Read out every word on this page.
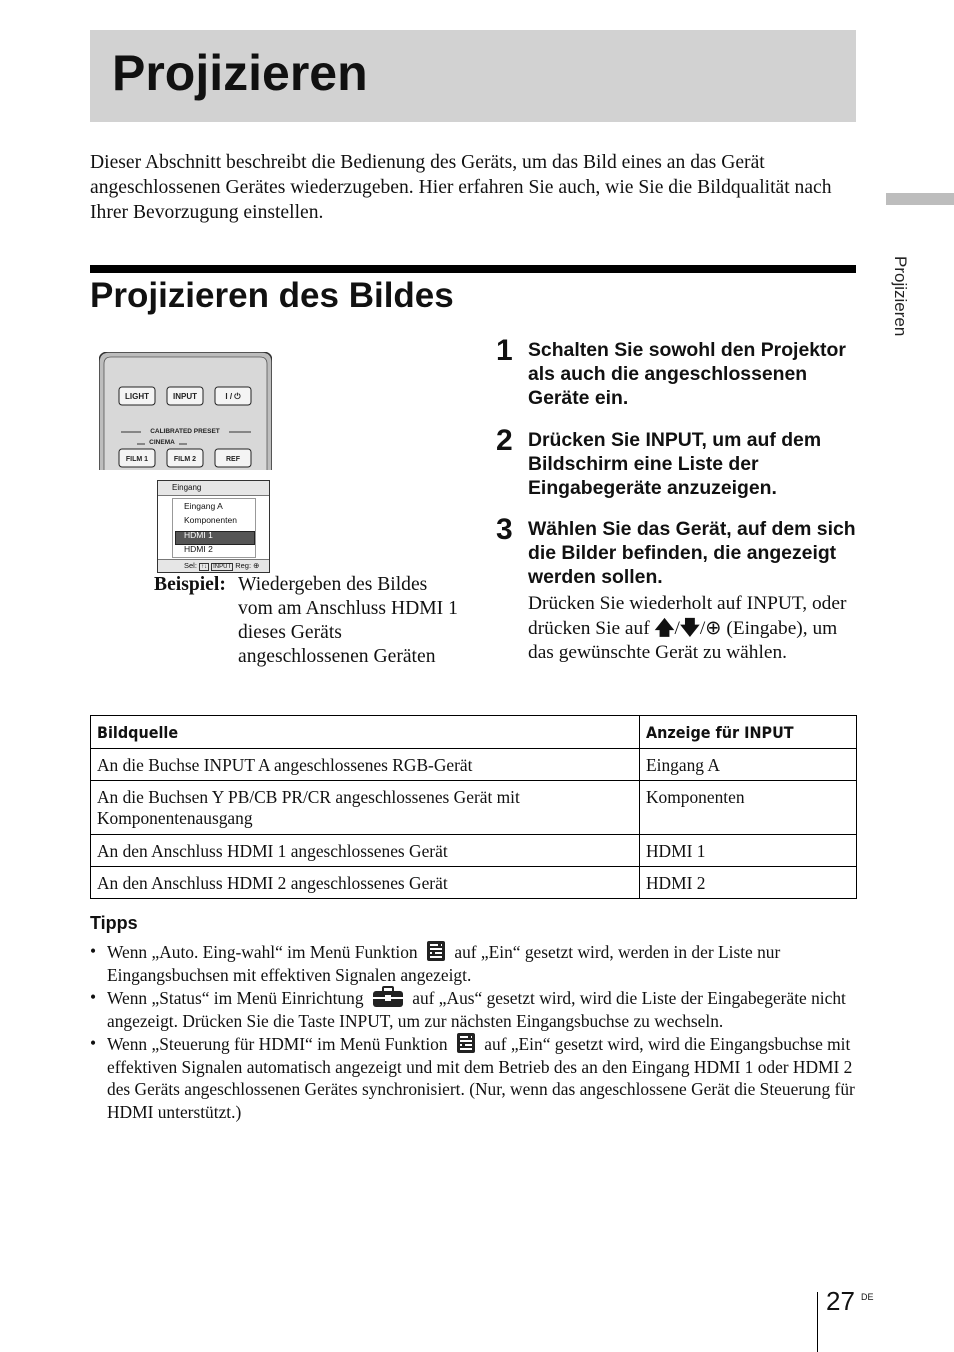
Projizieren

Dieser Abschnitt beschreibt die Bedienung des Geräts, um das Bild eines an das Gerät angeschlossenen Gerätes wiederzugeben. Hier erfahren Sie auch, wie Sie die Bildqualität nach Ihrer Bevorzugung einstellen.

Projizieren
Projizieren des Bildes
LIGHT	INPUT	I / ⏻
CALIBRATED PRESET
CINEMA
FILM 1	FILM 2	REF
Eingang
Eingang A
Komponenten
HDMI 1
HDMI 2
Sel: ↑↓ INPUT Reg: ⊕
Beispiel: Wiedergeben des Bildes vom am Anschluss HDMI 1 dieses Geräts angeschlossenen Geräten
1 Schalten Sie sowohl den Projektor als auch die angeschlossenen Geräte ein.
2 Drücken Sie INPUT, um auf dem Bildschirm eine Liste der Eingabegeräte anzuzeigen.
3 Wählen Sie das Gerät, auf dem sich die Bilder befinden, die angezeigt werden sollen.
Drücken Sie wiederholt auf INPUT, oder drücken Sie auf 🡅/🡇/⊕ (Eingabe), um das gewünschte Gerät zu wählen.
Bildquelle	Anzeige für INPUT
An die Buchse INPUT A angeschlossenes RGB-Gerät	Eingang A
An die Buchsen Y PB/CB PR/CR angeschlossenes Gerät mit Komponentenausgang	Komponenten
An den Anschluss HDMI 1 angeschlossenes Gerät	HDMI 1
An den Anschluss HDMI 2 angeschlossenes Gerät	HDMI 2
Tipps
• Wenn „Auto. Eing-wahl“ im Menü Funktion auf „Ein“ gesetzt wird, werden in der Liste nur Eingangsbuchsen mit effektiven Signalen angezeigt.
• Wenn „Status“ im Menü Einrichtung	auf „Aus“ gesetzt wird, wird die Liste der Eingabegeräte nicht angezeigt. Drücken Sie die Taste INPUT, um zur nächsten Eingangsbuchse zu wechseln.
• Wenn „Steuerung für HDMI“ im Menü Funktion auf „Ein“ gesetzt wird, wird die Eingangsbuchse mit effektiven Signalen automatisch angezeigt und mit dem Betrieb des an den Eingang HDMI 1 oder HDMI 2 des Geräts angeschlossenen Gerätes synchronisiert. (Nur, wenn das angeschlossene Gerät die Steuerung für HDMI unterstützt.)
27 DE
